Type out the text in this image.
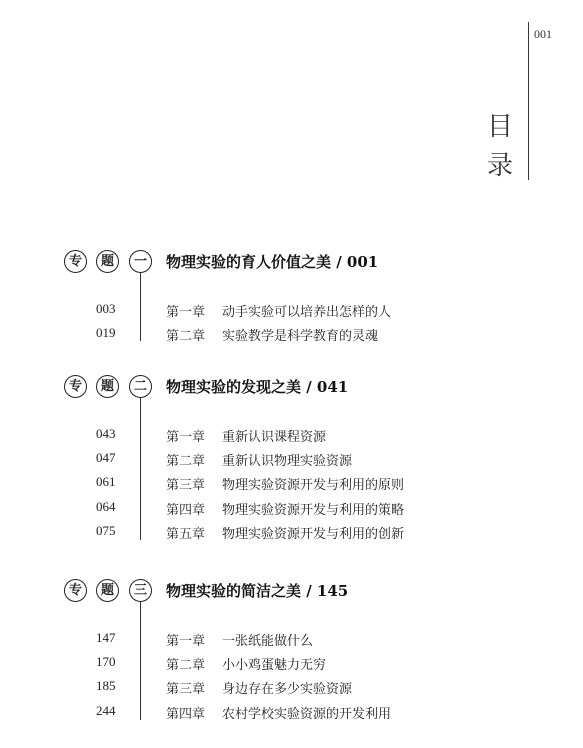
001
目
录
专	题	一	物理实验的育人价值之美 / 001
003	第一章 动手实验可以培养出怎样的人
019	第二章 实验教学是科学教育的灵魂
专	题	二	物理实验的发现之美 / 041
043	第一章 重新认识课程资源
047	第二章 重新认识物理实验资源
061	第三章 物理实验资源开发与利用的原则
064	第四章 物理实验资源开发与利用的策略
075	第五章 物理实验资源开发与利用的创新
专	题	三	物理实验的简洁之美 / 145
147	第一章 一张纸能做什么
170	第二章 小小鸡蛋魅力无穷
185	第三章 身边存在多少实验资源
244	第四章 农村学校实验资源的开发利用
